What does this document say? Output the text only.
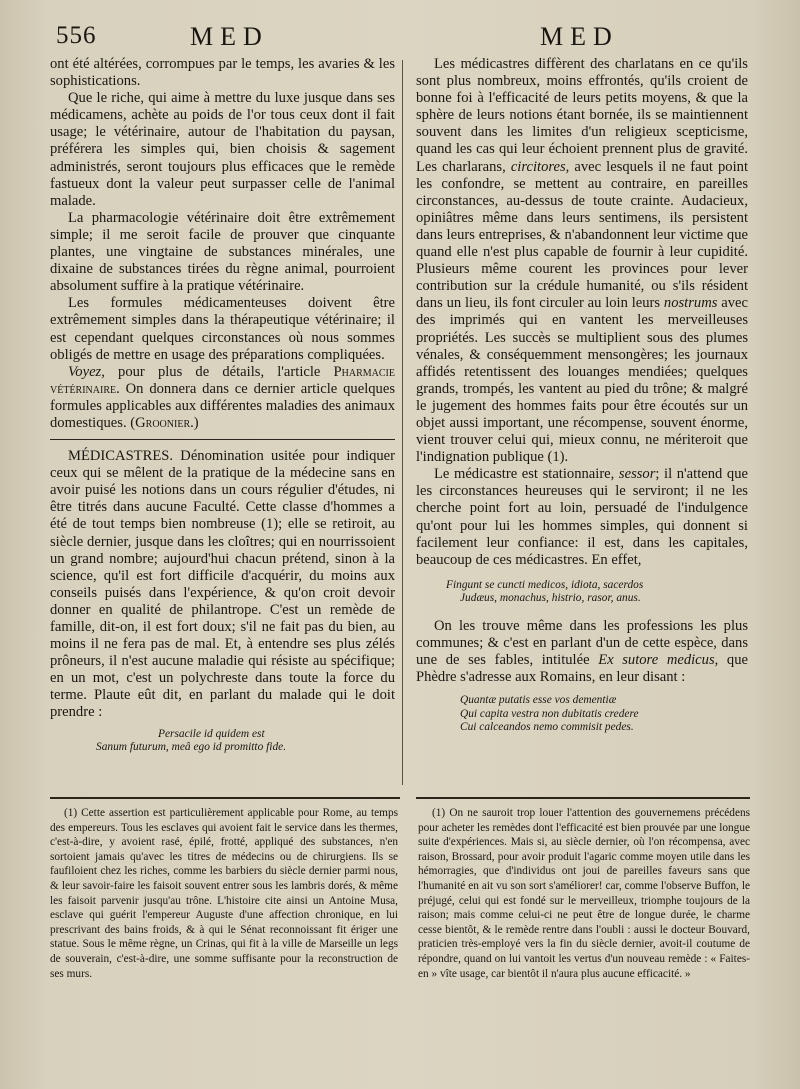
556	MED	MED

ont été altérées, corrompues par le temps, les avaries & les sophistications.

Que le riche, qui aime à mettre du luxe jusque dans ses médicamens, achète au poids de l'or tous ceux dont il fait usage; le vétérinaire, autour de l'habitation du paysan, préférera les simples qui, bien choisis & sagement administrés, seront toujours plus efficaces que le remède fastueux dont la valeur peut surpasser celle de l'animal malade.

La pharmacologie vétérinaire doit être extrêmement simple; il me seroit facile de prouver que cinquante plantes, une vingtaine de substances minérales, une dixaine de substances tirées du règne animal, pourroient absolument suffire à la pratique vétérinaire.

Les formules médicamenteuses doivent être extrêmement simples dans la thérapeutique vétérinaire; il est cependant quelques circonstances où nous sommes obligés de mettre en usage des préparations compliquées.

Voyez, pour plus de détails, l'article Pharmacie vétérinaire. On donnera dans ce dernier article quelques formules applicables aux différentes maladies des animaux domestiques. (Groonier.)

MÉDICASTRES. Dénomination usitée pour indiquer ceux qui se mêlent de la pratique de la médecine sans en avoir puisé les notions dans un cours régulier d'études, ni être titrés dans aucune Faculté. Cette classe d'hommes a été de tout temps bien nombreuse (1); elle se retiroit, au siècle dernier, jusque dans les cloîtres; qui en nourrissoient un grand nombre; aujourd'hui chacun prétend, sinon à la science, qu'il est fort difficile d'acquérir, du moins aux conseils puisés dans l'expérience, & qu'on croit devoir donner en qualité de philantrope. C'est un remède de famille, dit-on, il est fort doux; s'il ne fait pas du bien, au moins il ne fera pas de mal. Et, à entendre ses plus zélés prôneurs, il n'est aucune maladie qui résiste au spécifique; en un mot, c'est un polychreste dans toute la force du terme. Plaute eût dit, en parlant du malade qui le doit prendre :

Persacile id quidem est
Sanum futurum, meâ ego id promitto fide.

Les médicastres diffèrent des charlatans en ce qu'ils sont plus nombreux, moins effrontés, qu'ils croient de bonne foi à l'efficacité de leurs petits moyens, & que la sphère de leurs notions étant bornée, ils se maintiennent souvent dans les limites d'un religieux scepticisme, quand les cas qui leur échoient prennent plus de gravité. Les charlarans, circitores, avec lesquels il ne faut point les confondre, se mettent au contraire, en pareilles circonstances, au-dessus de toute crainte. Audacieux, opiniâtres même dans leurs sentimens, ils persistent dans leurs entreprises, & n'abandonnent leur victime que quand elle n'est plus capable de fournir à leur cupidité. Plusieurs même courent les provinces pour lever contribution sur la crédule humanité, ou s'ils résident dans un lieu, ils font circuler au loin leurs nostrums avec des imprimés qui en vantent les merveilleuses propriétés. Les succès se multiplient sous des plumes vénales, & conséquemment mensongères; les journaux affidés retentissent des louanges mendiées; quelques grands, trompés, les vantent au pied du trône; & malgré le jugement des hommes faits pour être écoutés sur un objet aussi important, une récompense, souvent énorme, vient trouver celui qui, mieux connu, ne mériteroit que l'indignation publique (1).

Le médicastre est stationnaire, sessor; il n'attend que les circonstances heureuses qui le serviront; il ne les cherche point fort au loin, persuadé de l'indulgence qu'ont pour lui les hommes simples, qui donnent si facilement leur confiance: il est, dans les capitales, beaucoup de ces médicastres. En effet,

Fingunt se cuncti medicos, idiota, sacerdos
Judæus, monachus, histrio, rasor, anus.

On les trouve même dans les professions les plus communes; & c'est en parlant d'un de cette espèce, dans une de ses fables, intitulée Ex sutore medicus, que Phèdre s'adresse aux Romains, en leur disant :

Quantæ putatis esse vos dementiæ
Qui capita vestra non dubitatis credere
Cui calceandos nemo commisit pedes.

(1) Cette assertion est particulièrement applicable pour Rome, au temps des empereurs. Tous les esclaves qui avoient fait le service dans les thermes, c'est-à-dire, y avoient rasé, épilé, frotté, appliqué des substances, n'en sortoient jamais qu'avec les titres de médecins ou de chirurgiens. Ils se faufiloient chez les riches, comme les barbiers du siècle dernier parmi nous, & leur savoir-faire les faisoit souvent entrer sous les lambris dorés, & même les faisoit parvenir jusqu'au trône. L'histoire cite ainsi un Antoine Musa, esclave qui guérit l'empereur Auguste d'une affection chronique, en lui prescrivant des bains froids, & à qui le Sénat reconnoissant fit ériger une statue. Sous le même règne, un Crinas, qui fit à la ville de Marseille un legs de souverain, c'est-à-dire, une somme suffisante pour la reconstruction de ses murs.

(1) On ne sauroit trop louer l'attention des gouvernemens précédens pour acheter les remèdes dont l'efficacité est bien prouvée par une longue suite d'expériences. Mais si, au siècle dernier, où l'on récompensa, avec raison, Brossard, pour avoir produit l'agaric comme moyen utile dans les hémorragies, que d'individus ont joui de pareilles faveurs sans que l'humanité en ait vu son sort s'améliorer! car, comme l'observe Buffon, le préjugé, celui qui est fondé sur le merveilleux, triomphe toujours de la raison; mais comme celui-ci ne peut être de longue durée, le charme cesse bientôt, & le remède rentre dans l'oubli : aussi le docteur Bouvard, praticien très-employé vers la fin du siècle dernier, avoit-il coutume de répondre, quand on lui vantoit les vertus d'un nouveau remède : « Faites-en » vîte usage, car bientôt il n'aura plus aucune efficacité. »
